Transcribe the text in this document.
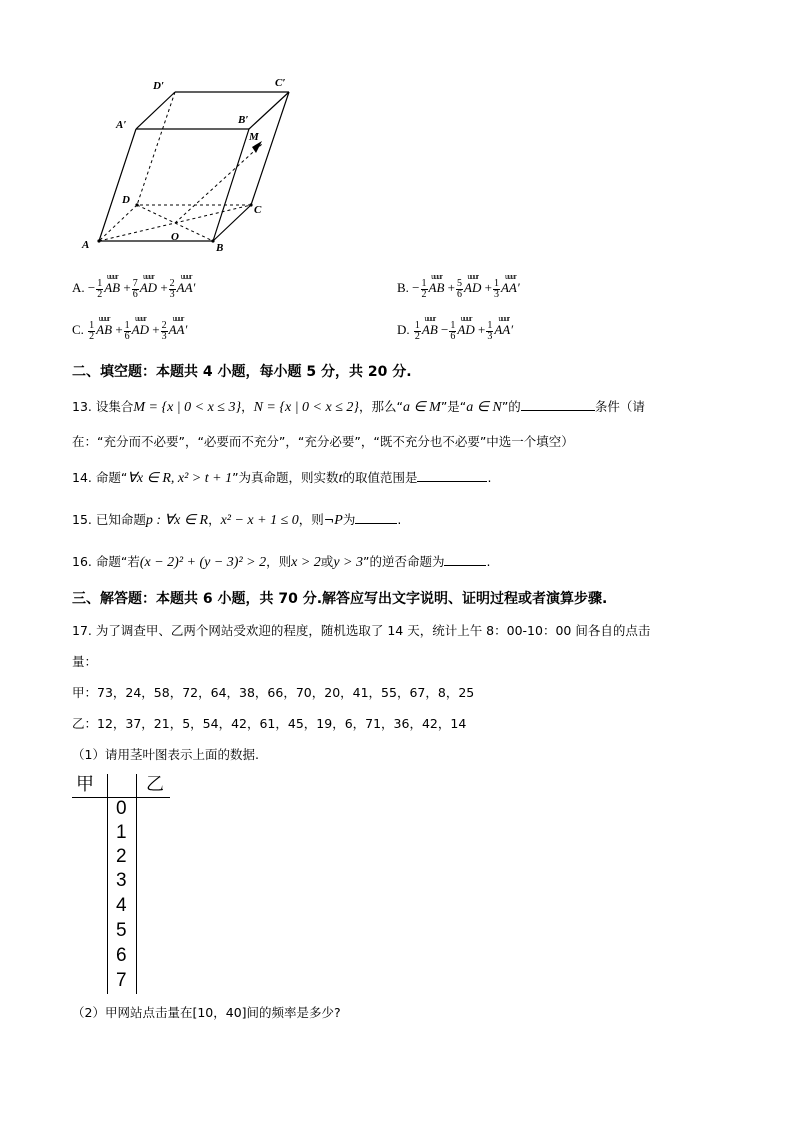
D′	C′
A′	B′
M
D
C
O
A	B
A. − $\frac{1}{2}$
uuur
AB + $\frac{7}{6}$
uuur
AD + $\frac{2}{3}$
uuur
AA′	B. − $\frac{1}{2}$
uuur
AB + $\frac{5}{6}$
uuur
AD + $\frac{1}{3}$
uuur
AA′
C. $\frac{1}{2}$
uuur
AB + $\frac{1}{6}$
uuur
AD + $\frac{2}{3}$
uuur
AA′	D. $\frac{1}{2}$
uuur
AB − $\frac{1}{6}$
uuur
AD + $\frac{1}{3}$
uuur
AA′
二、填空题：本题共 4 小题，每小题 5 分，共 20 分.
13. 设集合M = {x | 0 < x ≤ 3}，N = {x | 0 < x ≤ 2}，那么“a ∈ M”是“a ∈ N”的	条件（请
在：“充分而不必要”，“必要而不充分”，“充分必要”，“既不充分也不必要”中选一个填空）
14. 命题“∀x ∈ R, x² > t + 1”为真命题，则实数t的取值范围是	.
15. 已知命题p : ∀x ∈ R，x² − x + 1 ≤ 0，则¬P为	.
16. 命题“若(x − 2)² + (y − 3)² > 2，则x > 2或y > 3”的逆否命题为	.
三、解答题：本题共 6 小题，共 70 分.解答应写出文字说明、证明过程或者演算步骤.
17. 为了调查甲、乙两个网站受欢迎的程度，随机选取了 14 天，统计上午 8：00-10：00 间各自的点击
量：
甲：73，24，58，72，64，38，66，70，20，41，55，67，8，25
乙：12，37，21，5，54，42，61，45，19，6，71，36，42，14
（1）请用茎叶图表示上面的数据.
甲	乙
0
1
2
3
4
5
6
7
（2）甲网站点击量在[10，40]间的频率是多少?
